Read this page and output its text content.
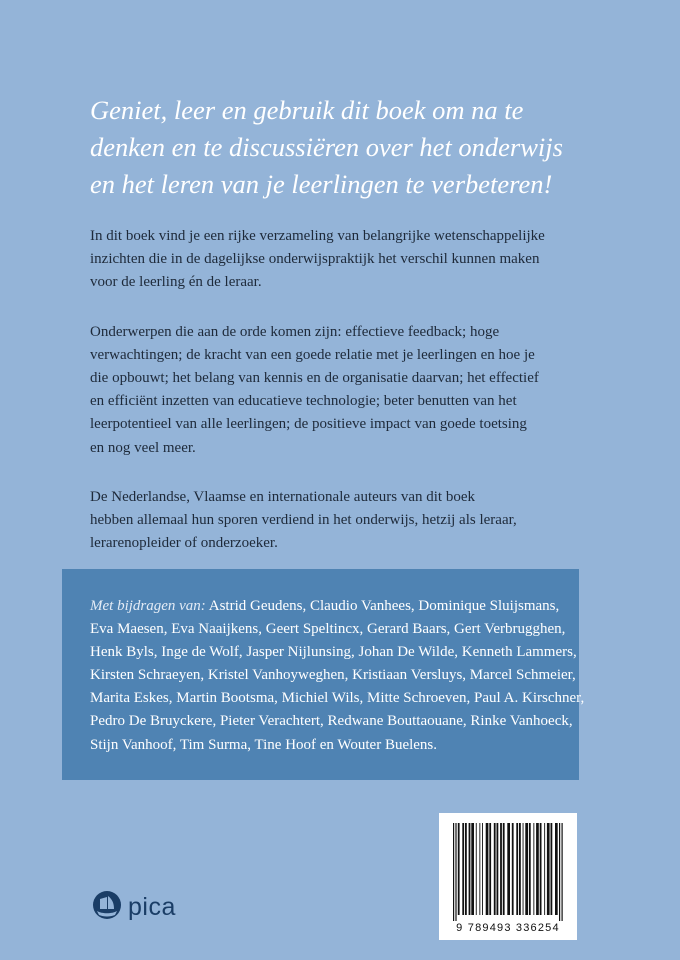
Geniet, leer en gebruik dit boek om na te
denken en te discussiëren over het onderwijs
en het leren van je leerlingen te verbeteren!

In dit boek vind je een rijke verzameling van belangrijke wetenschappelijke
inzichten die in de dagelijkse onderwijspraktijk het verschil kunnen maken
voor de leerling én de leraar.

Onderwerpen die aan de orde komen zijn: effectieve feedback; hoge
verwachtingen; de kracht van een goede relatie met je leerlingen en hoe je
die opbouwt; het belang van kennis en de organisatie daarvan; het effectief
en efficiënt inzetten van educatieve technologie; beter benutten van het
leerpotentieel van alle leerlingen; de positieve impact van goede toetsing
en nog veel meer.

De Nederlandse, Vlaamse en internationale auteurs van dit boek
hebben allemaal hun sporen verdiend in het onderwijs, hetzij als leraar,
lerarenopleider of onderzoeker.

Met bijdragen van: Astrid Geudens, Claudio Vanhees, Dominique Sluijsmans,
Eva Maesen, Eva Naaijkens, Geert Speltincx, Gerard Baars, Gert Verbrugghen,
Henk Byls, Inge de Wolf, Jasper Nijlunsing, Johan De Wilde, Kenneth Lammers,
Kirsten Schraeyen, Kristel Vanhoyweghen, Kristiaan Versluys, Marcel Schmeier,
Marita Eskes, Martin Bootsma, Michiel Wils, Mitte Schroeven, Paul A. Kirschner,
Pedro De Bruyckere, Pieter Verachtert, Redwane Bouttaouane, Rinke Vanhoeck,
Stijn Vanhoof, Tim Surma, Tine Hoof en Wouter Buelens.
pica
9 789493 336254
